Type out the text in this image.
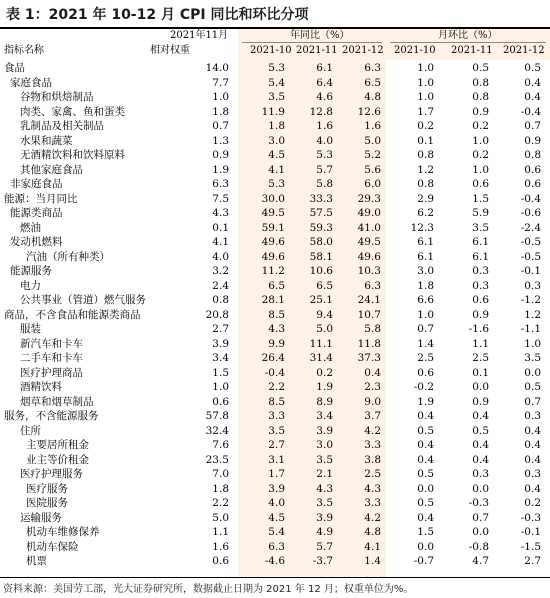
表 1：2021 年 10-12 月 CPI 同比和环比分项
2021年11月	年同比（%）	月环比（%）
指标名称	相对权重	2021-10 2021-11 2021-12 2021-10 2021-11 2021-12
食品	14.0	5.3	6.1	6.3	1.0	0.5	0.5
家庭食品	7.7	5.4	6.4	6.5	1.0	0.8	0.4
谷物和烘焙制品	1.0	3.5	4.6	4.8	1.0	0.8	0.4
肉类、家禽、鱼和蛋类	1.8	11.9	12.8	12.6	1.7	0.9	-0.4
乳制品及相关制品	0.7	1.8	1.6	1.6	0.2	0.2	0.7
水果和蔬菜	1.3	3.0	4.0	5.0	0.1	1.0	0.9
无酒精饮料和饮料原料	0.9	4.5	5.3	5.2	0.8	0.2	0.8
其他家庭食品	1.9	4.1	5.7	5.6	1.2	1.0	0.6
非家庭食品	6.3	5.3	5.8	6.0	0.8	0.6	0.6
能源：当月同比	7.5	30.0	33.3	29.3	2.9	1.5	-0.4
能源类商品	4.3	49.5	57.5	49.0	6.2	5.9	-0.6
燃油	0.1	59.1	59.3	41.0	12.3	3.5	-2.4
发动机燃料	4.1	49.6	58.0	49.5	6.1	6.1	-0.5
汽油（所有种类）	4.0	49.6	58.1	49.6	6.1	6.1	-0.5
能源服务	3.2	11.2	10.6	10.3	3.0	0.3	-0.1
电力	2.4	6.5	6.5	6.3	1.8	0.3	0.3
公共事业（管道）燃气服务	0.8	28.1	25.1	24.1	6.6	0.6	-1.2
商品，不含食品和能源类商品	20.8	8.5	9.4	10.7	1.0	0.9	1.2
服装	2.7	4.3	5.0	5.8	0.7	-1.6	-1.1
新汽车和卡车	3.9	9.9	11.1	11.8	1.4	1.1	1.0
二手车和卡车	3.4	26.4	31.4	37.3	2.5	2.5	3.5
医疗护理商品	1.5	-0.4	0.2	0.4	0.6	0.1	0.0
酒精饮料	1.0	2.2	1.9	2.3	-0.2	0.0	0.5
烟草和烟草制品	0.6	8.5	8.9	9.0	1.9	0.9	0.7
服务，不含能源服务	57.8	3.3	3.4	3.7	0.4	0.4	0.3
住所	32.4	3.5	3.9	4.2	0.5	0.5	0.4
主要居所租金	7.6	2.7	3.0	3.3	0.4	0.4	0.4
业主等价租金	23.5	3.1	3.5	3.8	0.4	0.4	0.4
医疗护理服务	7.0	1.7	2.1	2.5	0.5	0.3	0.3
医疗服务	1.8	3.9	4.3	4.3	0.0	0.0	0.4
医院服务	2.2	4.0	3.5	3.3	0.5	-0.3	0.2
运输服务	5.0	4.5	3.9	4.2	0.4	0.7	-0.3
机动车维修保养	1.1	5.4	4.9	4.8	1.5	0.0	-0.1
机动车保险	1.6	6.3	5.7	4.1	0.0	-0.8	-1.5
机票	0.6	-4.6	-3.7	1.4	-0.7	4.7	2.7
资料来源：美国劳工部，光大证券研究所，数据截止日期为 2021 年 12 月；权重单位为%。
